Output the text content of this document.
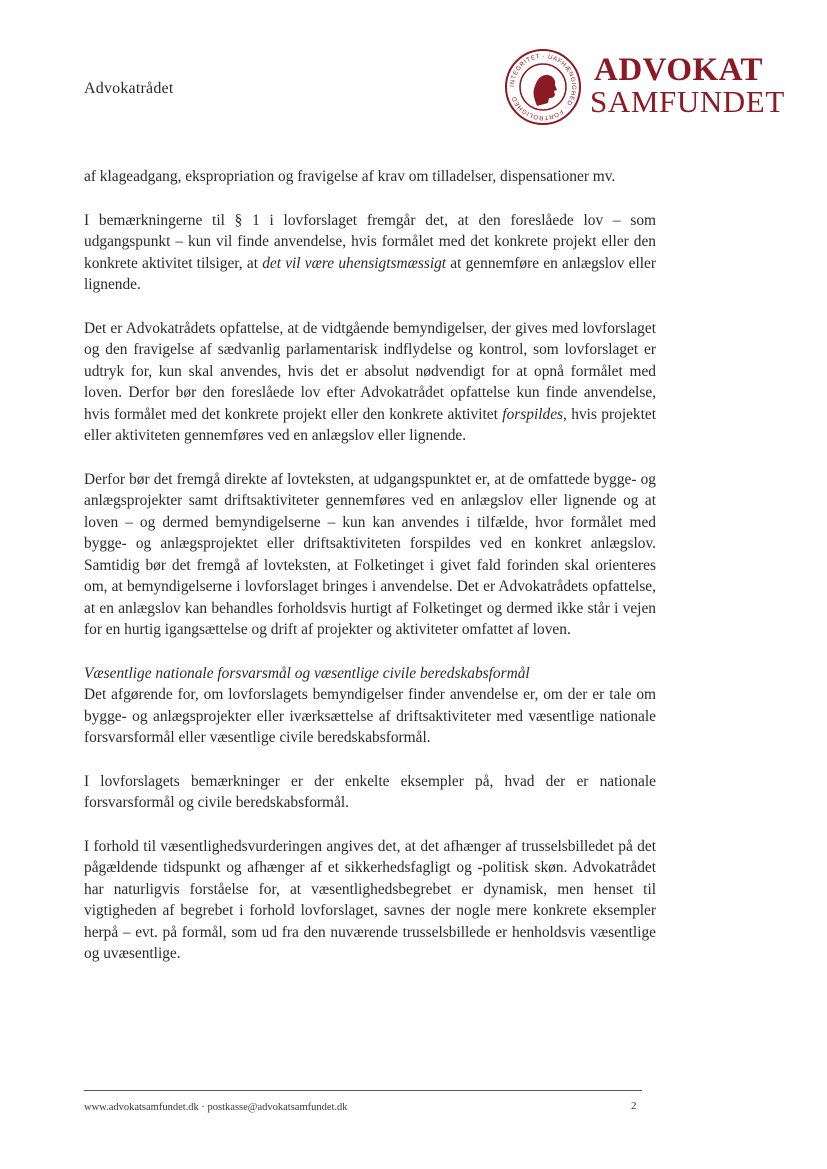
Advokatrådet	INTEGRITET · UAFHÆNGIGHED · FORTROLIGHED
ADVOKAT
SAMFUNDET

af klageadgang, ekspropriation og fravigelse af krav om tilladelser, dispensationer mv.

I bemærkningerne til § 1 i lovforslaget fremgår det, at den foreslåede lov – som udgangspunkt – kun vil finde anvendelse, hvis formålet med det konkrete projekt eller den konkrete aktivitet tilsiger, at det vil være uhensigtsmæssigt at gennemføre en anlægslov eller lignende.

Det er Advokatrådets opfattelse, at de vidtgående bemyndigelser, der gives med lovforslaget og den fravigelse af sædvanlig parlamentarisk indflydelse og kontrol, som lovforslaget er udtryk for, kun skal anvendes, hvis det er absolut nødvendigt for at opnå formålet med loven. Derfor bør den foreslåede lov efter Advokatrådet opfattelse kun finde anvendelse, hvis formålet med det konkrete projekt eller den konkrete aktivitet forspildes, hvis projektet eller aktiviteten gennemføres ved en anlægslov eller lignende.

Derfor bør det fremgå direkte af lovteksten, at udgangspunktet er, at de omfattede bygge- og anlægsprojekter samt driftsaktiviteter gennemføres ved en anlægslov eller lignende og at loven – og dermed bemyndigelserne – kun kan anvendes i tilfælde, hvor formålet med bygge- og anlægsprojektet eller driftsaktiviteten forspildes ved en konkret anlægslov. Samtidig bør det fremgå af lovteksten, at Folketinget i givet fald forinden skal orienteres om, at bemyndigelserne i lovforslaget bringes i anvendelse. Det er Advokatrådets opfattelse, at en anlægslov kan behandles forholdsvis hurtigt af Folketinget og dermed ikke står i vejen for en hurtig igangsættelse og drift af projekter og aktiviteter omfattet af loven.

Væsentlige nationale forsvarsmål og væsentlige civile beredskabsformål
Det afgørende for, om lovforslagets bemyndigelser finder anvendelse er, om der er tale om bygge- og anlægsprojekter eller iværksættelse af driftsaktiviteter med væsentlige nationale forsvarsformål eller væsentlige civile beredskabsformål.

I lovforslagets bemærkninger er der enkelte eksempler på, hvad der er nationale forsvarsformål og civile beredskabsformål.

I forhold til væsentlighedsvurderingen angives det, at det afhænger af trusselsbilledet på det pågældende tidspunkt og afhænger af et sikkerhedsfagligt og -politisk skøn. Advokatrådet har naturligvis forståelse for, at væsentlighedsbegrebet er dynamisk, men henset til vigtigheden af begrebet i forhold lovforslaget, savnes der nogle mere konkrete eksempler herpå – evt. på formål, som ud fra den nuværende trusselsbillede er henholdsvis væsentlige og uvæsentlige.

www.advokatsamfundet.dk · postkasse@advokatsamfundet.dk	2
